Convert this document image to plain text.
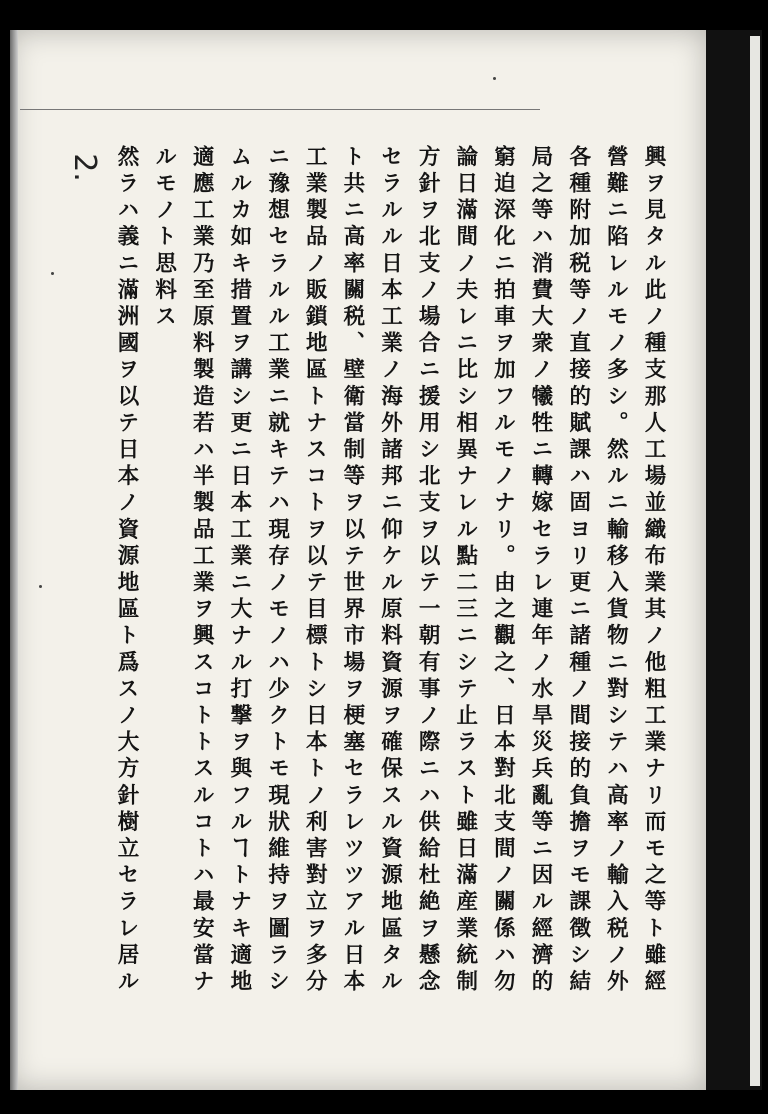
2.	興ヲ見タル此ノ種支那人工場並織布業其ノ他粗工業ナリ而モ之等ト雖經
營難ニ陷レルモノ多シ。然ルニ輸移入貨物ニ對シテハ高率ノ輸入税ノ外
各種附加税等ノ直接的賦課ハ固ヨリ更ニ諸種ノ間接的負擔ヲモ課徴シ結
局之等ハ消費大衆ノ犧牲ニ轉嫁セラレ連年ノ水旱災兵亂等ニ因ル經濟的
窮迫深化ニ拍車ヲ加フルモノナリ。由之觀之、日本對北支間ノ關係ハ勿
論日滿間ノ夫レニ比シ相異ナレル點二三ニシテ止ラスト雖日滿産業統制
方針ヲ北支ノ場合ニ援用シ北支ヲ以テ一朝有事ノ際ニハ供給杜絶ヲ懸念
セラルル日本工業ノ海外諸邦ニ仰ケル原料資源ヲ確保スル資源地區タル
ト共ニ高率關税、壁衛當制等ヲ以テ世界市場ヲ梗塞セラレツツアル日本
工業製品ノ販鎖地區トナスコトヲ以テ目標トシ日本トノ利害對立ヲ多分
ニ豫想セラルル工業ニ就キテハ現存ノモノハ少クトモ現狀維持ヲ圖ラシ
ムルカ如キ措置ヲ講シ更ニ日本工業ニ大ナル打撃ヲ與フルヿトナキ適地
適應工業乃至原料製造若ハ半製品工業ヲ興スコトトスルコトハ最安當ナ
ルモノト思料ス
然ラハ義ニ滿洲國ヲ以テ日本ノ資源地區ト爲スノ大方針樹立セラレ居ル
